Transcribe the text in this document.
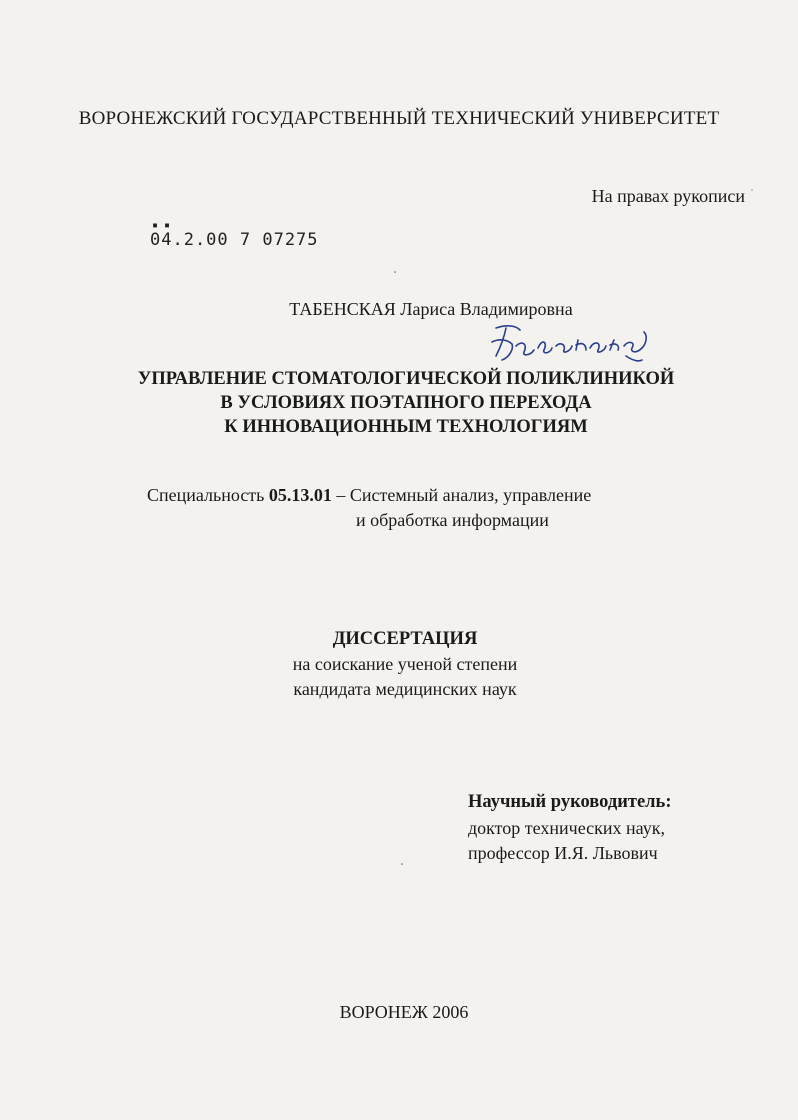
ВОРОНЕЖСКИЙ ГОСУДАРСТВЕННЫЙ ТЕХНИЧЕСКИЙ УНИВЕРСИТЕТ
На правах рукописи
▪ ▪
04.2.00 7 07275
ТАБЕНСКАЯ Лариса Владимировна
УПРАВЛЕНИЕ СТОМАТОЛОГИЧЕСКОЙ ПОЛИКЛИНИКОЙ
В УСЛОВИЯХ ПОЭТАПНОГО ПЕРЕХОДА
К ИННОВАЦИОННЫМ ТЕХНОЛОГИЯМ
Специальность 05.13.01 – Системный анализ, управление
и обработка информации
ДИССЕРТАЦИЯ
на соискание ученой степени
кандидата медицинских наук
Научный руководитель:
доктор технических наук,
профессор И.Я. Львович
ВОРОНЕЖ 2006
